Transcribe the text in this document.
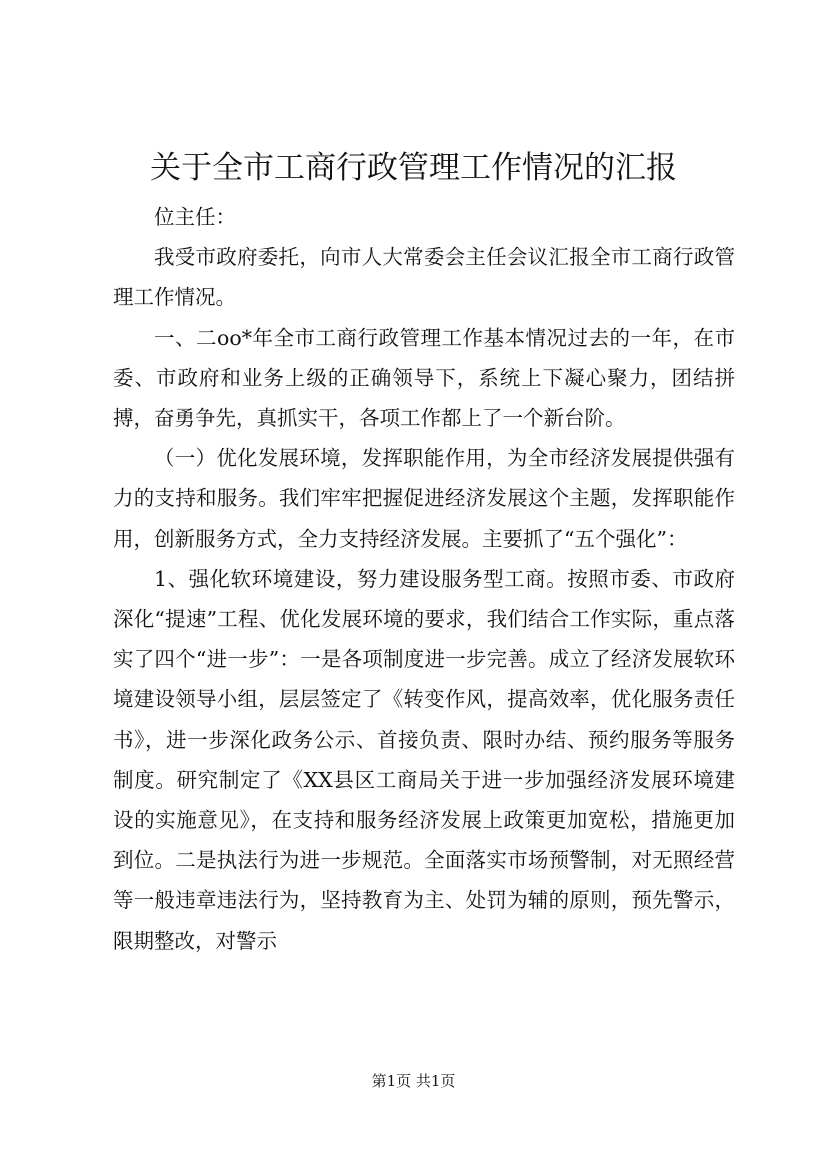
关于全市工商行政管理工作情况的汇报

位主任：

我受市政府委托，向市人大常委会主任会议汇报全市工商行政管理工作情况。

一、二oo*年全市工商行政管理工作基本情况过去的一年，在市委、市政府和业务上级的正确领导下，系统上下凝心聚力，团结拼搏，奋勇争先，真抓实干，各项工作都上了一个新台阶。

（一）优化发展环境，发挥职能作用，为全市经济发展提供强有力的支持和服务。我们牢牢把握促进经济发展这个主题，发挥职能作用，创新服务方式，全力支持经济发展。主要抓了“五个强化”：

1、强化软环境建设，努力建设服务型工商。按照市委、市政府深化“提速”工程、优化发展环境的要求，我们结合工作实际，重点落实了四个“进一步”：一是各项制度进一步完善。成立了经济发展软环境建设领导小组，层层签定了《转变作风，提高效率，优化服务责任书》，进一步深化政务公示、首接负责、限时办结、预约服务等服务制度。研究制定了《XX县区工商局关于进一步加强经济发展环境建设的实施意见》，在支持和服务经济发展上政策更加宽松，措施更加到位。二是执法行为进一步规范。全面落实市场预警制，对无照经营等一般违章违法行为，坚持教育为主、处罚为辅的原则，预先警示，限期整改，对警示

第1页 共1页
